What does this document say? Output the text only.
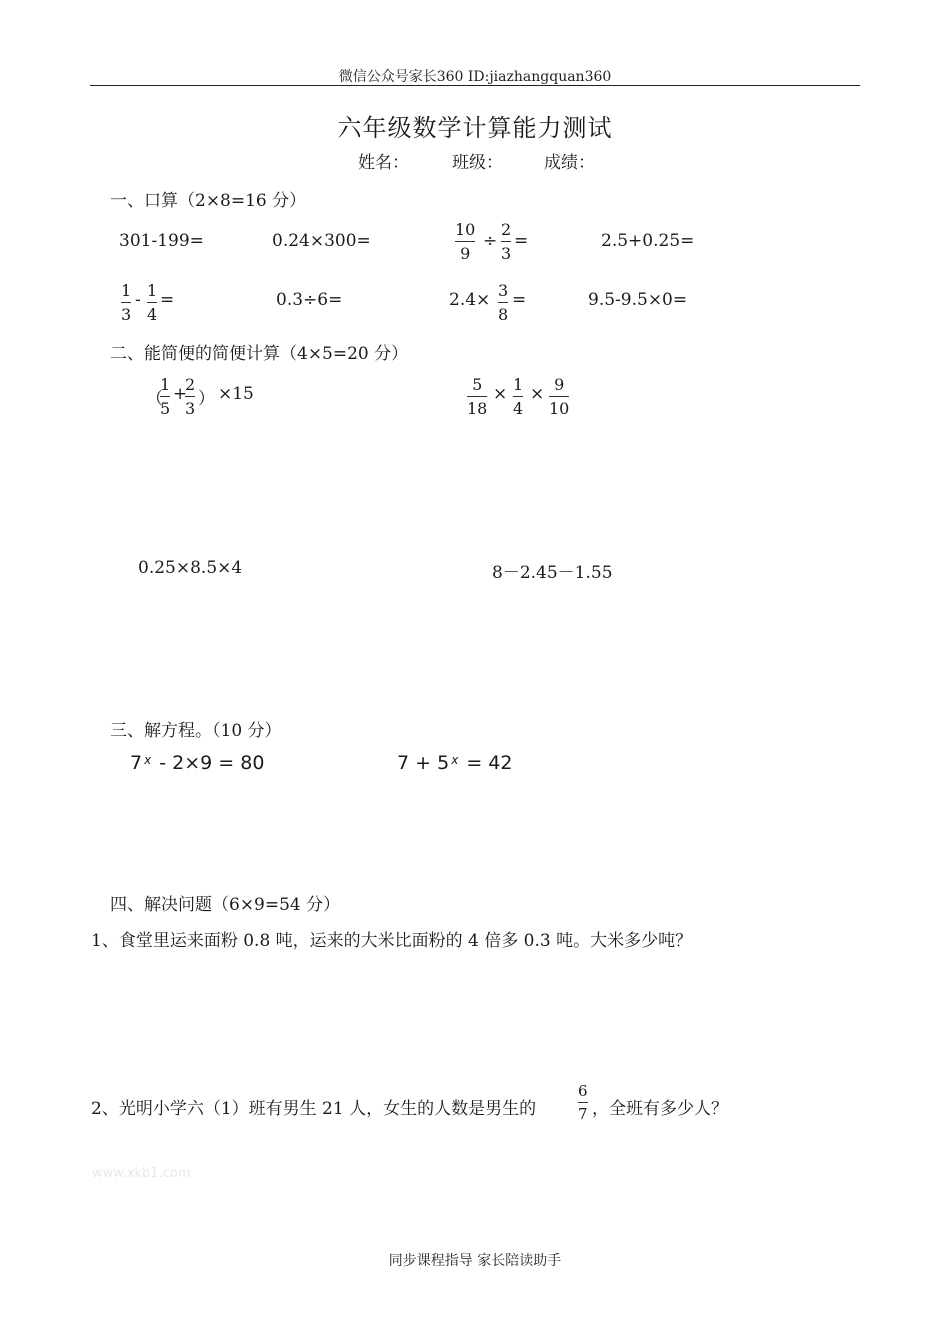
微信公众号家长360 ID:jiazhangquan360
六年级数学计算能力测试
姓名：	班级： 成绩：
一、口算（2×8=16 分）
301-199=	0.24×300=
10
9
÷
2
3
=	2.5+0.25=
1
3
- 1
4
=	0.3÷6=	2.4× 3
8
=	9.5-9.5×0=
二、能简便的简便计算（4×5=20 分）
（
1
5
+
2
3 ） ×15	5
18
× 1
4
× 9
10
0.25×8.5×4	8－2.45－1.55
三、解方程。（10 分）
7 $^x$ - 2×9 = 80	7 + 5 $^x$ = 42
四、解决问题（6×9=54 分）
1、食堂里运来面粉 0.8 吨，运来的大米比面粉的 4 倍多 0.3 吨。大米多少吨？
2、光明小学六（1）班有男生 21 人，女生的人数是男生的
6
7 ，全班有多少人？
www.xkb1.com
同步课程指导 家长陪读助手
